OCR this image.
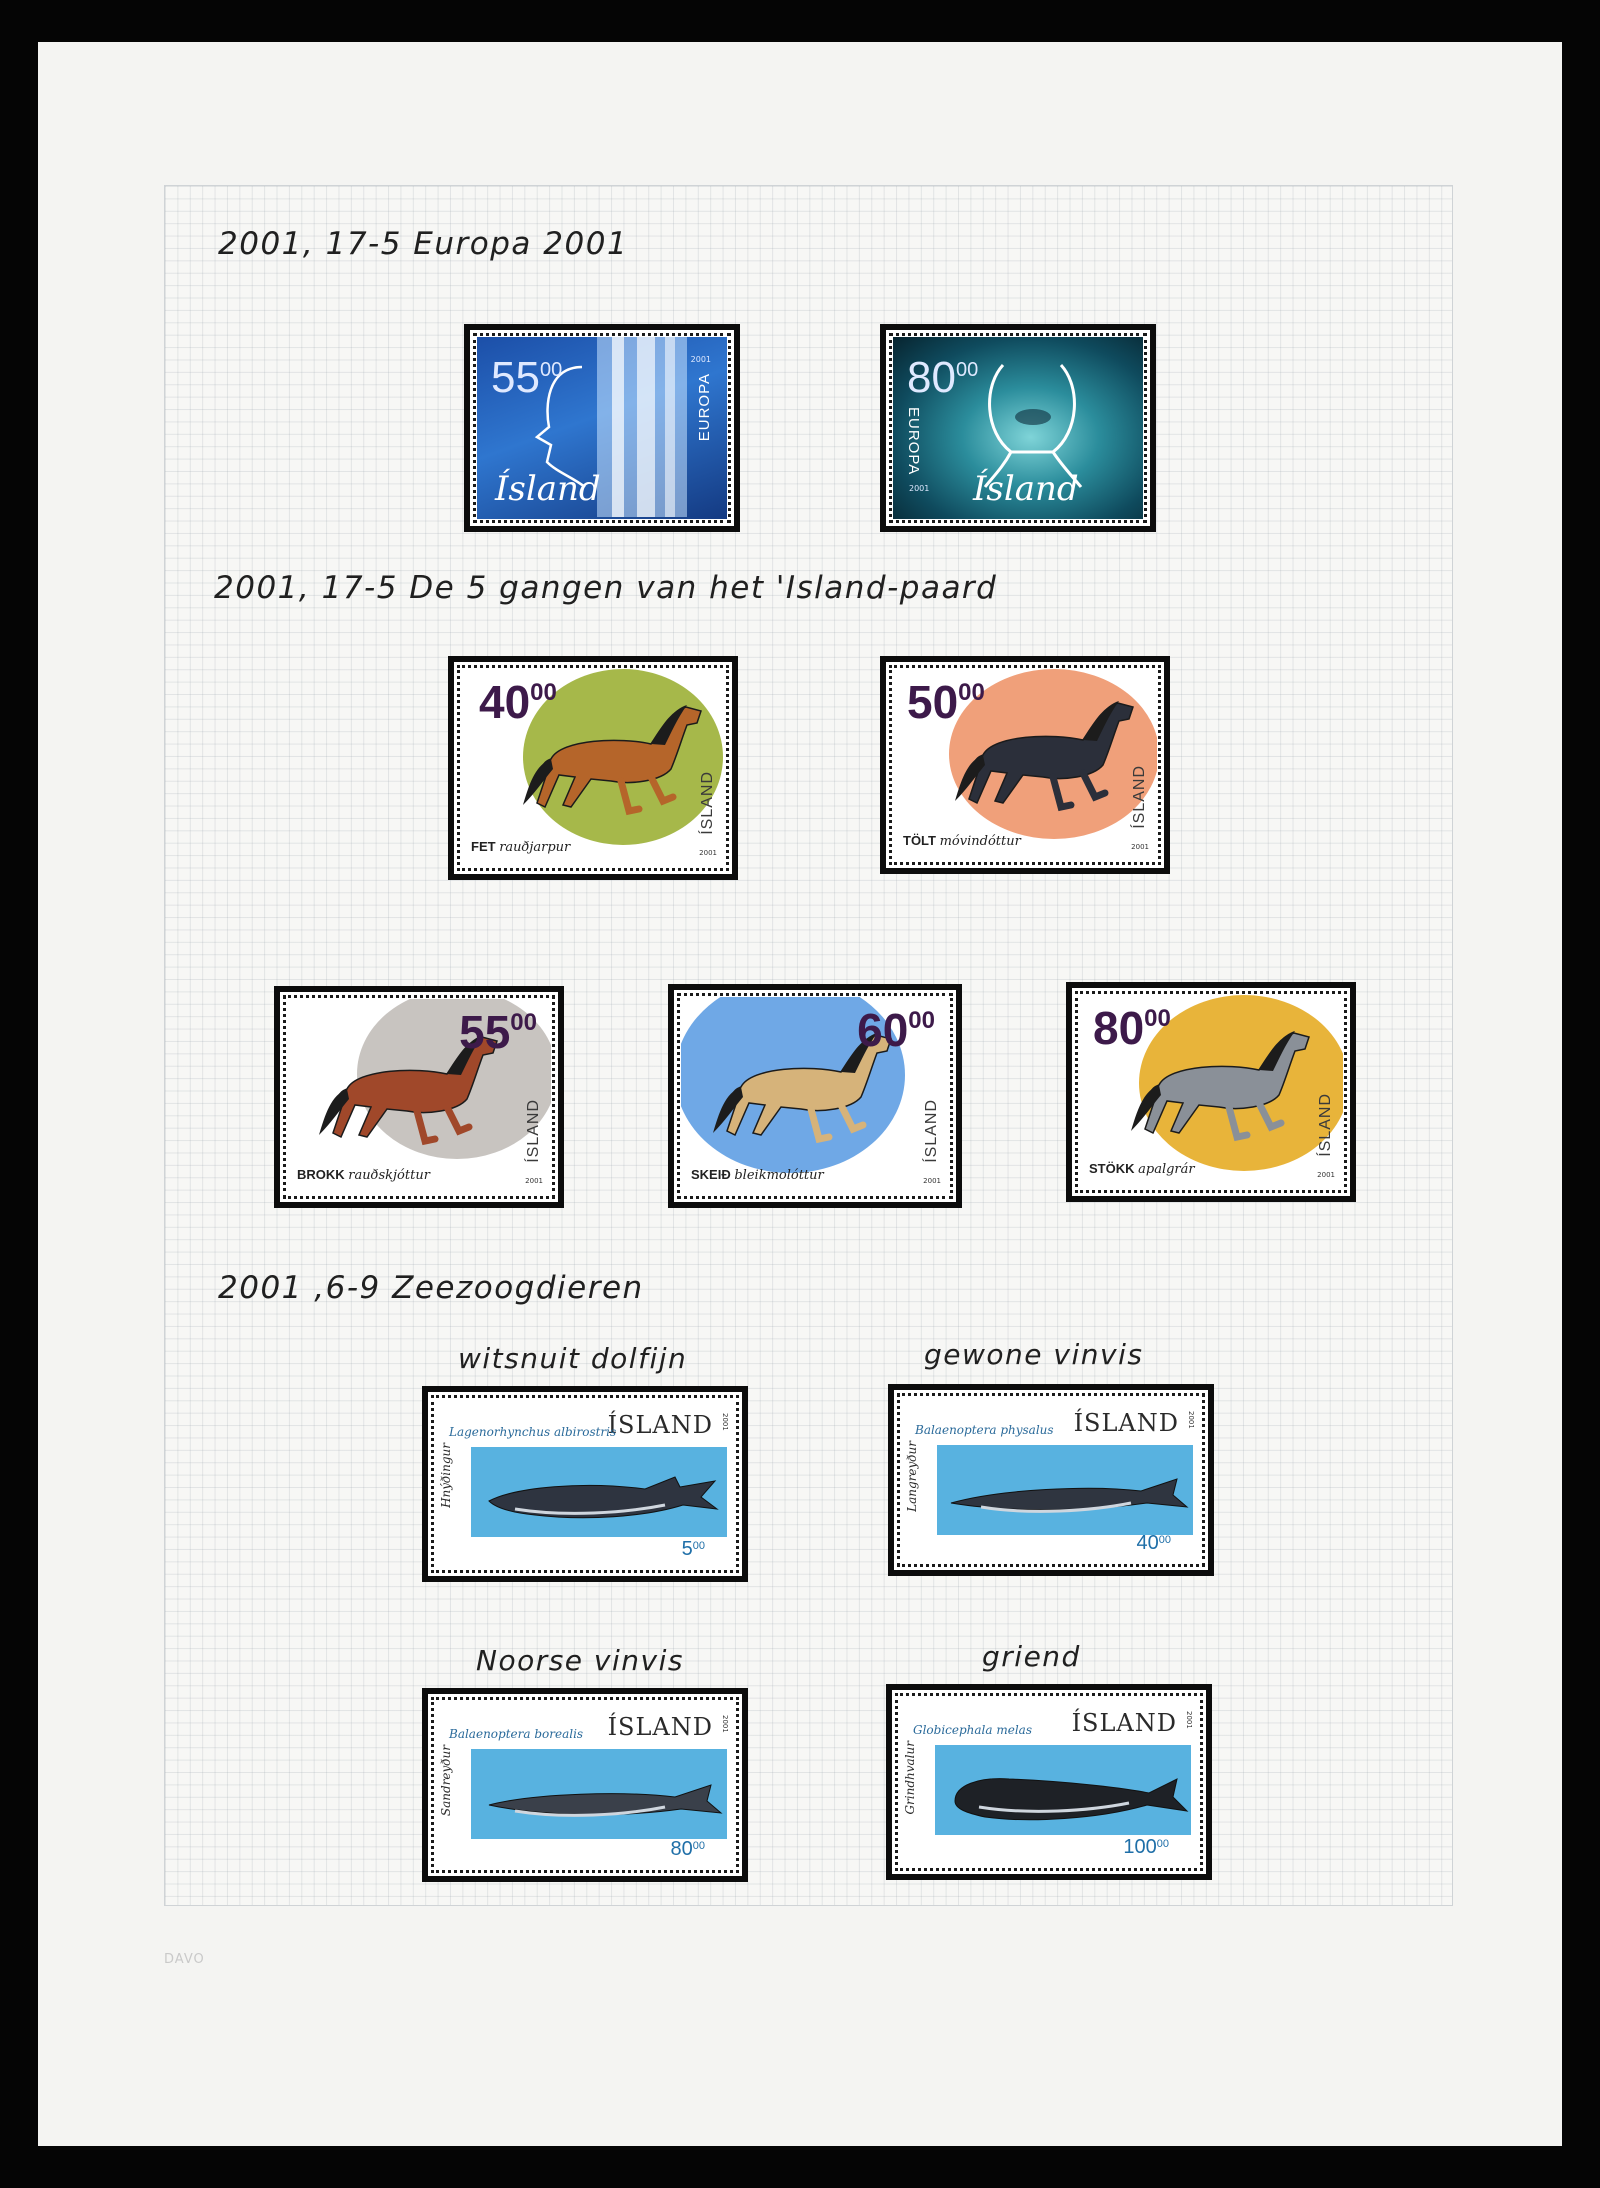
DAVO
2001, 17-5 Europa 2001
2001, 17-5 De 5 gangen van het 'Island-paard
2001 ,6-9 Zeezoogdieren
witsnuit dolfijn	gewone vinvis
Noorse vinvis	griend
$55^{00}$
Ísland
EUROPA
2001	$80^{00}$
Ísland
EUROPA
2001
$40^{00}$
ÍSLAND
FET rauðjarpur	2001
$50^{00}$
ÍSLAND
TÖLT móvindóttur	2001
$55^{00}$
ÍSLAND
BROKK rauðskjóttur	2001
$60^{00}$
ÍSLAND
SKEIÐ bleikmolóttur	2001
$80^{00}$
ÍSLAND
STÖKK apalgrár	2001
ÍSLAND 2001
Lagenorhynchus albirostris
Hnýðingur
$5^{00}$
ÍSLAND 2001
Balaenoptera physalus
Langreyður
$40^{00}$
ÍSLAND 2001
Balaenoptera borealis
Sandreyður
$80^{00}$
ÍSLAND 2001
Globicephala melas
Grindhvalur
$100^{00}$
